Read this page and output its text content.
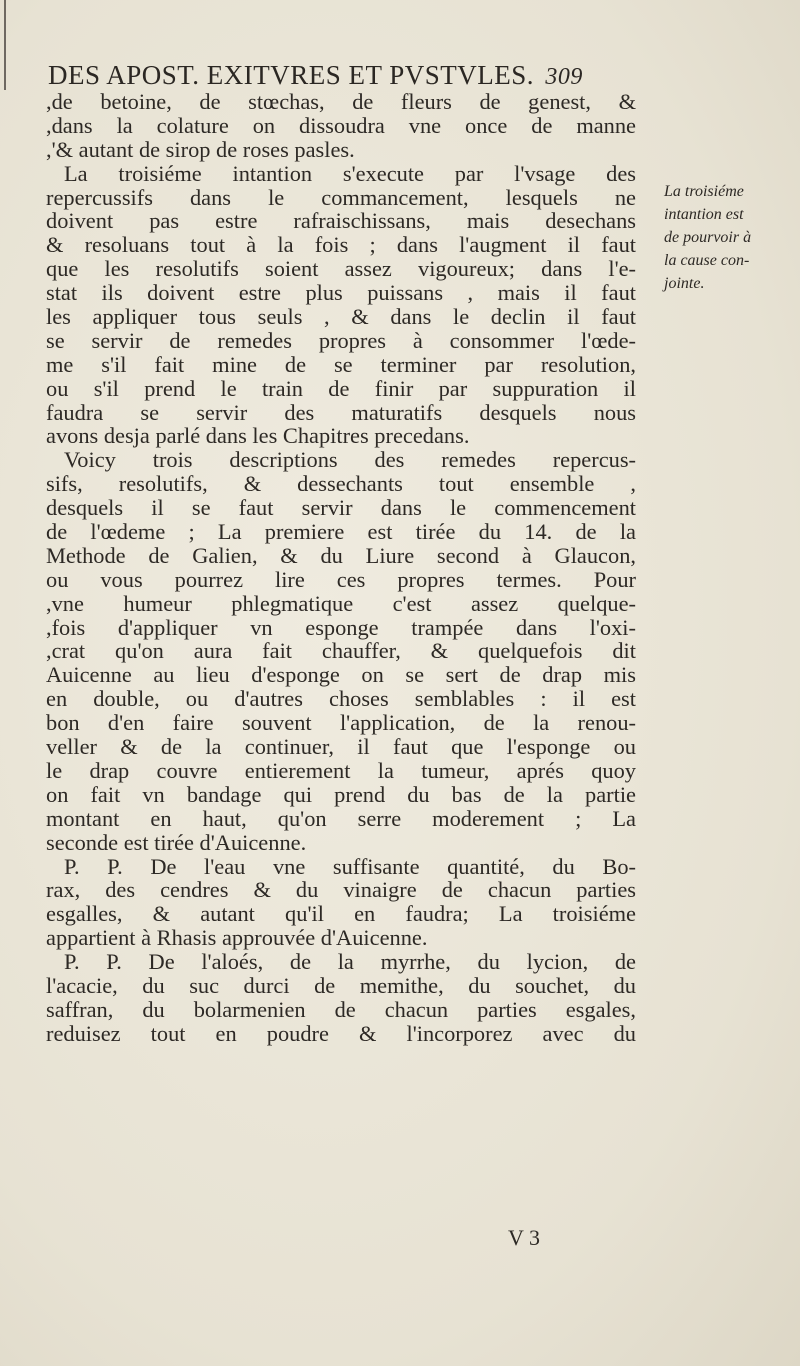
DES APOST. EXITVRES ET PVSTVLES. 309
,de betoine, de stœchas, de fleurs de genest, &
,dans la colature on dissoudra vne once de manne
,'& autant de sirop de roses pasles.
La troisiéme intantion s'execute par l'vsage des
repercussifs dans le commancement, lesquels ne
doivent pas estre rafraischissans, mais desechans
& resoluans tout à la fois ; dans l'augment il faut
que les resolutifs soient assez vigoureux; dans l'e-
stat ils doivent estre plus puissans , mais il faut
les appliquer tous seuls , & dans le declin il faut
se servir de remedes propres à consommer l'œde-
me s'il fait mine de se terminer par resolution,
ou s'il prend le train de finir par suppuration il
faudra se servir des maturatifs desquels nous
avons desja parlé dans les Chapitres precedans.
Voicy trois descriptions des remedes repercus-
sifs, resolutifs, & dessechants tout ensemble ,
desquels il se faut servir dans le commencement
de l'œdeme ; La premiere est tirée du 14. de la
Methode de Galien, & du Liure second à Glaucon,
ou vous pourrez lire ces propres termes. Pour
,vne humeur phlegmatique c'est assez quelque-
,fois d'appliquer vn esponge trampée dans l'oxi-
,crat qu'on aura fait chauffer, & quelquefois dit
Auicenne au lieu d'esponge on se sert de drap mis
en double, ou d'autres choses semblables : il est
bon d'en faire souvent l'application, de la renou-
veller & de la continuer, il faut que l'esponge ou
le drap couvre entierement la tumeur, aprés quoy
on fait vn bandage qui prend du bas de la partie
montant en haut, qu'on serre moderement ; La
seconde est tirée d'Auicenne.
P. P. De l'eau vne suffisante quantité, du Bo-
rax, des cendres & du vinaigre de chacun parties
esgalles, & autant qu'il en faudra; La troisiéme
appartient à Rhasis approuvée d'Auicenne.
P. P. De l'aloés, de la myrrhe, du lycion, de
l'acacie, du suc durci de memithe, du souchet, du
saffran, du bolarmenien de chacun parties esgales,
reduisez tout en poudre & l'incorporez avec du
La troisiéme
intantion est
de pourvoir à
la cause con-
jointe.
V 3
